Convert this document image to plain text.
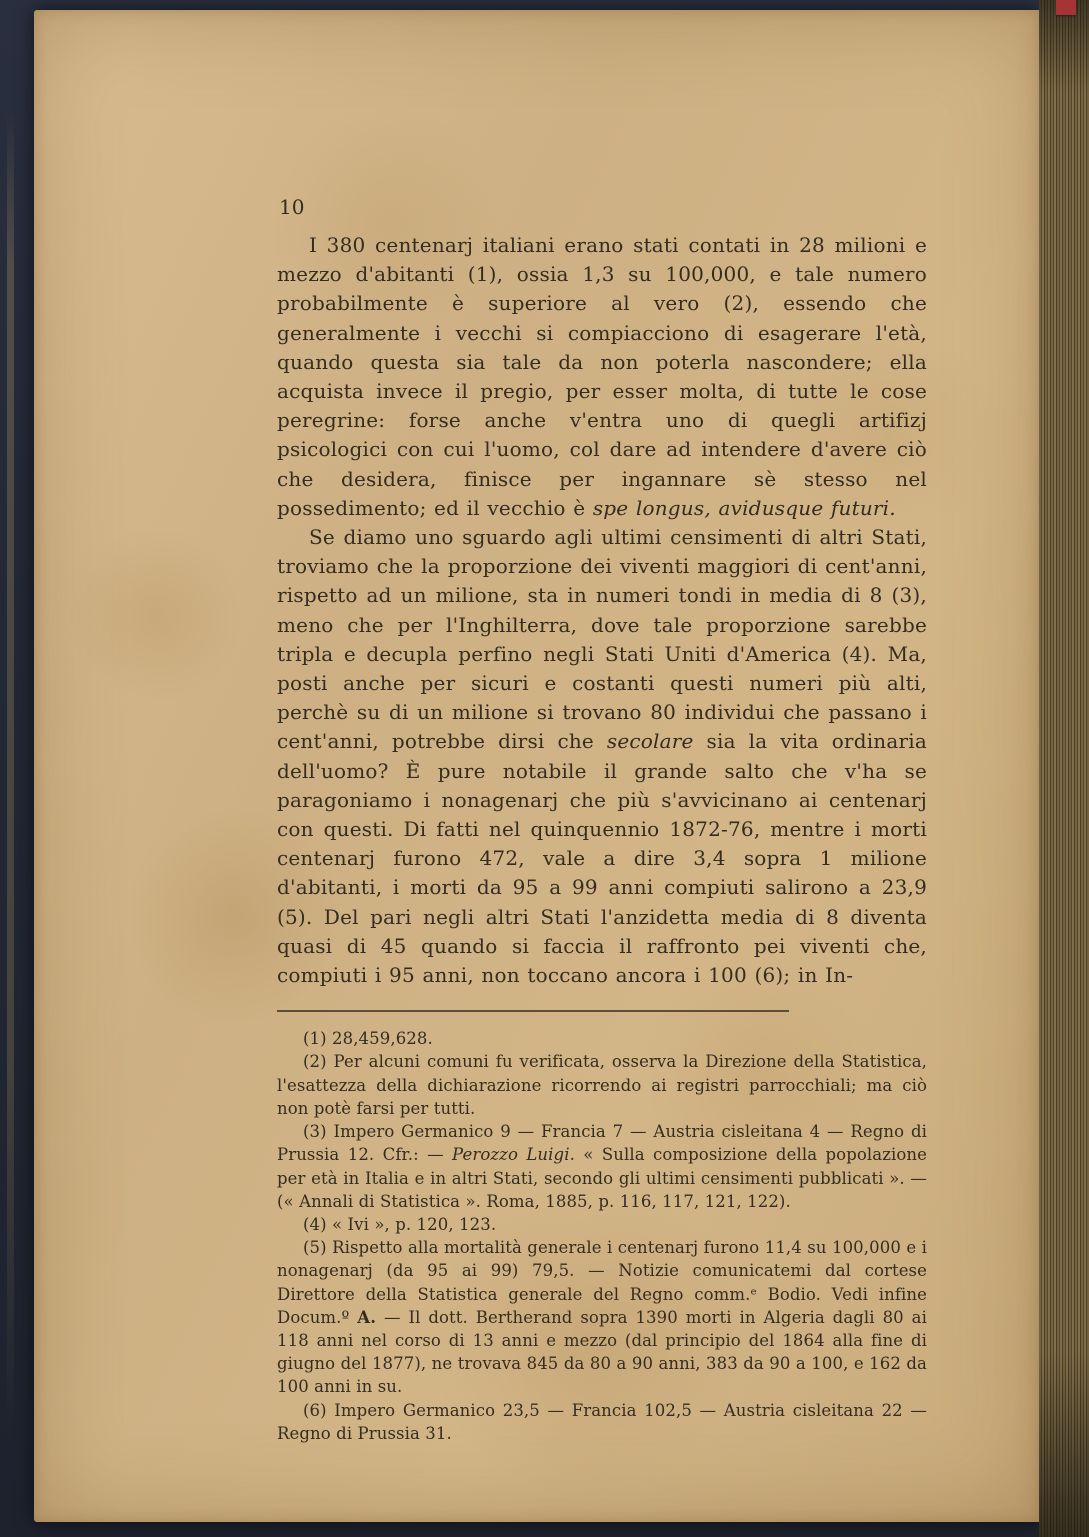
10

I 380 centenarj italiani erano stati contati in 28 milioni e mezzo d'abitanti (1), ossia 1,3 su 100,000, e tale numero probabilmente è superiore al vero (2), essendo che generalmente i vecchi si compiacciono di esagerare l'età, quando questa sia tale da non poterla nascondere; ella acquista invece il pregio, per esser molta, di tutte le cose peregrine: forse anche v'entra uno di quegli artifizj psicologici con cui l'uomo, col dare ad intendere d'avere ciò che desidera, finisce per ingannare sè stesso nel possedimento; ed il vecchio è spe longus, avidusque futuri.

Se diamo uno sguardo agli ultimi censimenti di altri Stati, troviamo che la proporzione dei viventi maggiori di cent'anni, rispetto ad un milione, sta in numeri tondi in media di 8 (3), meno che per l'Inghilterra, dove tale proporzione sarebbe tripla e decupla perfino negli Stati Uniti d'America (4). Ma, posti anche per sicuri e costanti questi numeri più alti, perchè su di un milione si trovano 80 individui che passano i cent'anni, potrebbe dirsi che secolare sia la vita ordinaria dell'uomo? È pure notabile il grande salto che v'ha se paragoniamo i nonagenarj che più s'avvicinano ai centenarj con questi. Di fatti nel quinquennio 1872-76, mentre i morti centenarj furono 472, vale a dire 3,4 sopra 1 milione d'abitanti, i morti da 95 a 99 anni compiuti salirono a 23,9 (5). Del pari negli altri Stati l'anzidetta media di 8 diventa quasi di 45 quando si faccia il raffronto pei viventi che, compiuti i 95 anni, non toccano ancora i 100 (6); in In-

(1) 28,459,628.

(2) Per alcuni comuni fu verificata, osserva la Direzione della Statistica, l'esattezza della dichiarazione ricorrendo ai registri parrocchiali; ma ciò non potè farsi per tutti.

(3) Impero Germanico 9 — Francia 7 — Austria cisleitana 4 — Regno di Prussia 12. Cfr.: — Perozzo Luigi. « Sulla composizione della popolazione per età in Italia e in altri Stati, secondo gli ultimi censimenti pubblicati ». — (« Annali di Statistica ». Roma, 1885, p. 116, 117, 121, 122).

(4) « Ivi », p. 120, 123.

(5) Rispetto alla mortalità generale i centenarj furono 11,4 su 100,000 e i nonagenarj (da 95 ai 99) 79,5. — Notizie comunicatemi dal cortese Direttore della Statistica generale del Regno comm.ᵉ Bodio. Vedi infine Docum.º A. — Il dott. Bertherand sopra 1390 morti in Algeria dagli 80 ai 118 anni nel corso di 13 anni e mezzo (dal principio del 1864 alla fine di giugno del 1877), ne trovava 845 da 80 a 90 anni, 383 da 90 a 100, e 162 da 100 anni in su.

(6) Impero Germanico 23,5 — Francia 102,5 — Austria cisleitana 22 — Regno di Prussia 31.
